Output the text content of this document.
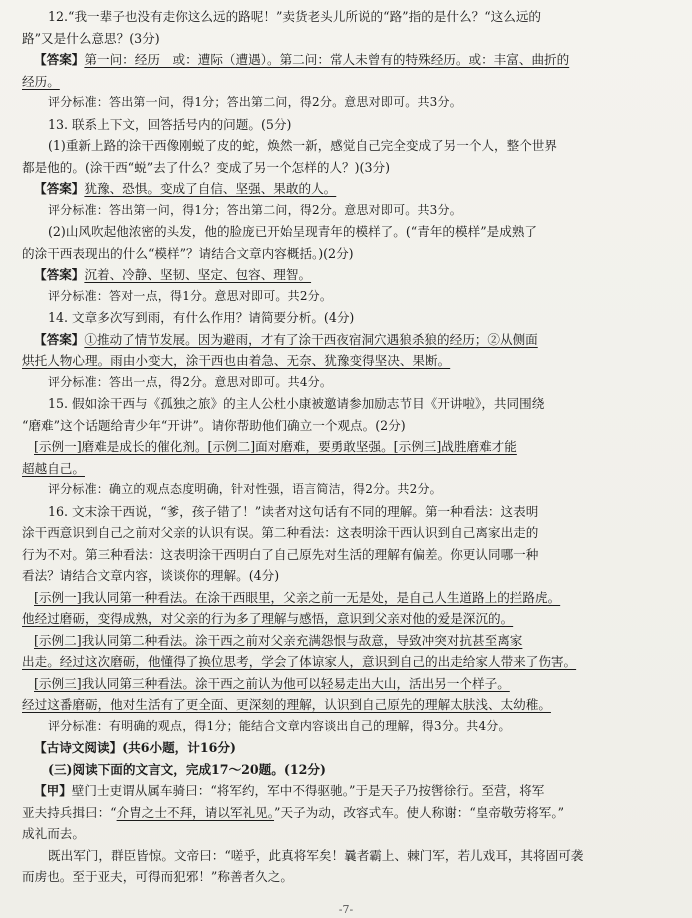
12.“我一辈子也没有走你这么远的路呢！”卖货老头儿所说的“路”指的是什么？“这么远的

路”又是什么意思？(3分)

【答案】第一问：经历　或：遭际（遭遇）。第二问：常人未曾有的特殊经历。或：丰富、曲折的

经历。

评分标准：答出第一问，得1分；答出第二问，得2分。意思对即可。共3分。

13. 联系上下文，回答括号内的问题。(5分)

(1)重新上路的涂干西像刚蜕了皮的蛇，焕然一新，感觉自己完全变成了另一个人，整个世界

都是他的。(涂干西“蜕”去了什么？变成了另一个怎样的人？)(3分)

【答案】犹豫、恐惧。变成了自信、坚强、果敢的人。

评分标准：答出第一问，得1分；答出第二问，得2分。意思对即可。共3分。

(2)山风吹起他浓密的头发，他的脸庞已开始呈现青年的模样了。(“青年的模样”是成熟了

的涂干西表现出的什么“模样”？请结合文章内容概括。)(2分)

【答案】沉着、冷静、坚韧、坚定、包容、理智。

评分标准：答对一点，得1分。意思对即可。共2分。

14. 文章多次写到雨，有什么作用？请简要分析。(4分)

【答案】①推动了情节发展。因为避雨，才有了涂干西夜宿洞穴遇狼杀狼的经历；②从侧面

烘托人物心理。雨由小变大，涂干西也由着急、无奈、犹豫变得坚决、果断。

评分标准：答出一点，得2分。意思对即可。共4分。

15. 假如涂干西与《孤独之旅》的主人公杜小康被邀请参加励志节目《开讲啦》，共同围绕

“磨难”这个话题给青少年“开讲”。请你帮助他们确立一个观点。(2分)

[示例一]磨难是成长的催化剂。[示例二]面对磨难，要勇敢坚强。[示例三]战胜磨难才能

超越自己。

评分标准：确立的观点态度明确，针对性强，语言简洁，得2分。共2分。

16. 文末涂干西说，“爹，孩子错了！”读者对这句话有不同的理解。第一种看法：这表明

涂干西意识到自己之前对父亲的认识有误。第二种看法：这表明涂干西认识到自己离家出走的

行为不对。第三种看法：这表明涂干西明白了自己原先对生活的理解有偏差。你更认同哪一种

看法？请结合文章内容，谈谈你的理解。(4分)

[示例一]我认同第一种看法。在涂干西眼里，父亲之前一无是处，是自己人生道路上的拦路虎。

他经过磨砺，变得成熟，对父亲的行为多了理解与感悟，意识到父亲对他的爱是深沉的。

[示例二]我认同第二种看法。涂干西之前对父亲充满怨恨与敌意，导致冲突对抗甚至离家

出走。经过这次磨砺，他懂得了换位思考，学会了体谅家人，意识到自己的出走给家人带来了伤害。

[示例三]我认同第三种看法。涂干西之前认为他可以轻易走出大山，活出另一个样子。

经过这番磨砺，他对生活有了更全面、更深刻的理解，认识到自己原先的理解太肤浅、太幼稚。

评分标准：有明确的观点，得1分；能结合文章内容谈出自己的理解，得3分。共4分。

【古诗文阅读】(共6小题，计16分)

(三)阅读下面的文言文，完成17～20题。(12分)

【甲】壁门士吏谓从属车骑曰：“将军约，军中不得驱驰。”于是天子乃按辔徐行。至营，将军

亚夫持兵揖曰：“介胄之士不拜，请以军礼见。”天子为动，改容式车。使人称谢：“皇帝敬劳将军。”

成礼而去。

既出军门，群臣皆惊。文帝曰：“嗟乎，此真将军矣！曩者霸上、棘门军，若儿戏耳，其将固可袭

而虏也。至于亚夫，可得而犯邪！”称善者久之。

-7-
